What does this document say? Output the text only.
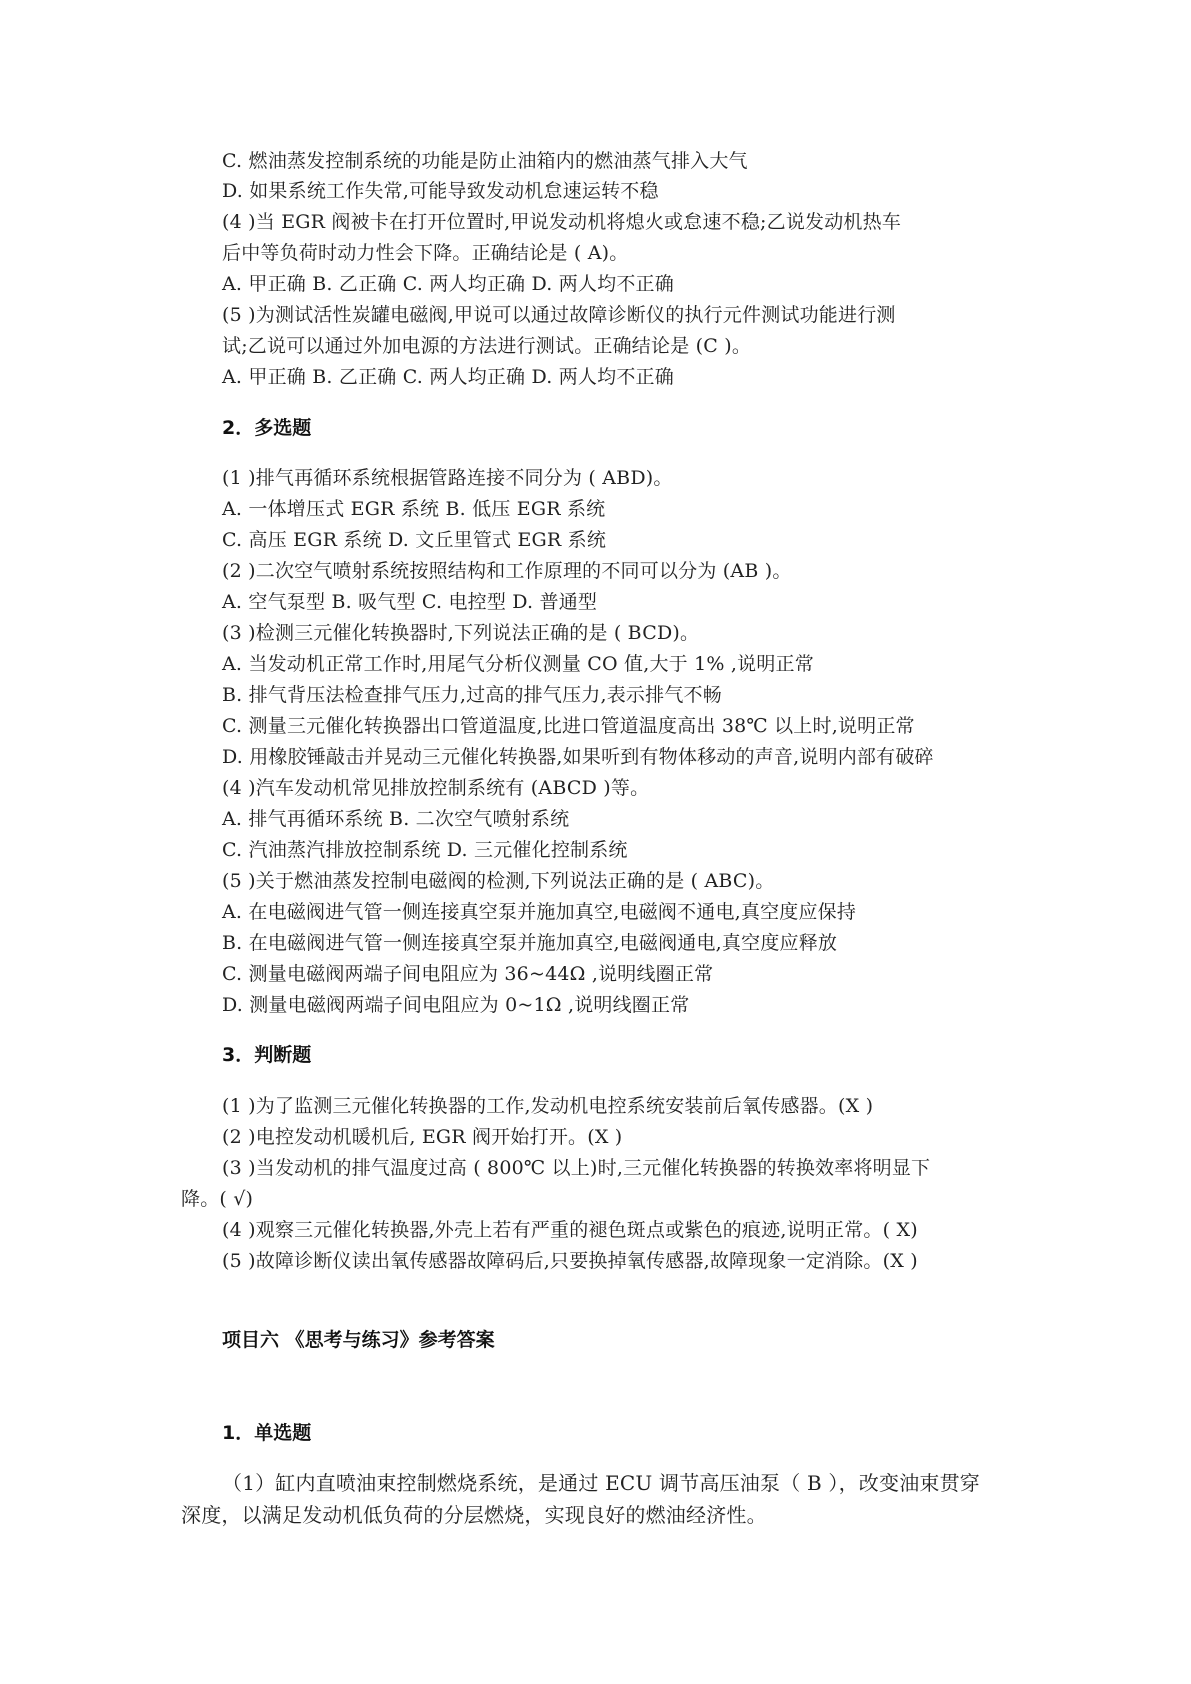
C. 燃油蒸发控制系统的功能是防止油箱内的燃油蒸气排入大气
D. 如果系统工作失常,可能导致发动机怠速运转不稳
(4 )当 EGR 阀被卡在打开位置时,甲说发动机将熄火或怠速不稳;乙说发动机热车
后中等负荷时动力性会下降。正确结论是 ( A)。
A. 甲正确 B. 乙正确 C. 两人均正确 D. 两人均不正确
(5 )为测试活性炭罐电磁阀,甲说可以通过故障诊断仪的执行元件测试功能进行测
试;乙说可以通过外加电源的方法进行测试。正确结论是 (C )。
A. 甲正确 B. 乙正确 C. 两人均正确 D. 两人均不正确
2．多选题
(1 )排气再循环系统根据管路连接不同分为 ( ABD)。
A. 一体增压式 EGR 系统 B. 低压 EGR 系统
C. 高压 EGR 系统 D. 文丘里管式 EGR 系统
(2 )二次空气喷射系统按照结构和工作原理的不同可以分为 (AB )。
A. 空气泵型 B. 吸气型 C. 电控型 D. 普通型
(3 )检测三元催化转换器时,下列说法正确的是 ( BCD)。
A. 当发动机正常工作时,用尾气分析仪测量 CO 值,大于 1% ,说明正常
B. 排气背压法检查排气压力,过高的排气压力,表示排气不畅
C. 测量三元催化转换器出口管道温度,比进口管道温度高出 38℃ 以上时,说明正常
D. 用橡胶锤敲击并晃动三元催化转换器,如果听到有物体移动的声音,说明内部有破碎
(4 )汽车发动机常见排放控制系统有 (ABCD )等。
A. 排气再循环系统 B. 二次空气喷射系统
C. 汽油蒸汽排放控制系统 D. 三元催化控制系统
(5 )关于燃油蒸发控制电磁阀的检测,下列说法正确的是 ( ABC)。
A. 在电磁阀进气管一侧连接真空泵并施加真空,电磁阀不通电,真空度应保持
B. 在电磁阀进气管一侧连接真空泵并施加真空,电磁阀通电,真空度应释放
C. 测量电磁阀两端子间电阻应为 36~44Ω ,说明线圈正常
D. 测量电磁阀两端子间电阻应为 0~1Ω ,说明线圈正常
3．判断题
(1 )为了监测三元催化转换器的工作,发动机电控系统安装前后氧传感器。(X )
(2 )电控发动机暖机后, EGR 阀开始打开。(X )
(3 )当发动机的排气温度过高 ( 800℃ 以上)时,三元催化转换器的转换效率将明显下
降。( √)
(4 )观察三元催化转换器,外壳上若有严重的褪色斑点或紫色的痕迹,说明正常。( X)
(5 )故障诊断仪读出氧传感器故障码后,只要换掉氧传感器,故障现象一定消除。(X )
项目六 《思考与练习》参考答案
1．单选题
（1）缸内直喷油束控制燃烧系统，是通过 ECU 调节高压油泵（ B ），改变油束贯穿
深度，以满足发动机低负荷的分层燃烧，实现良好的燃油经济性。
